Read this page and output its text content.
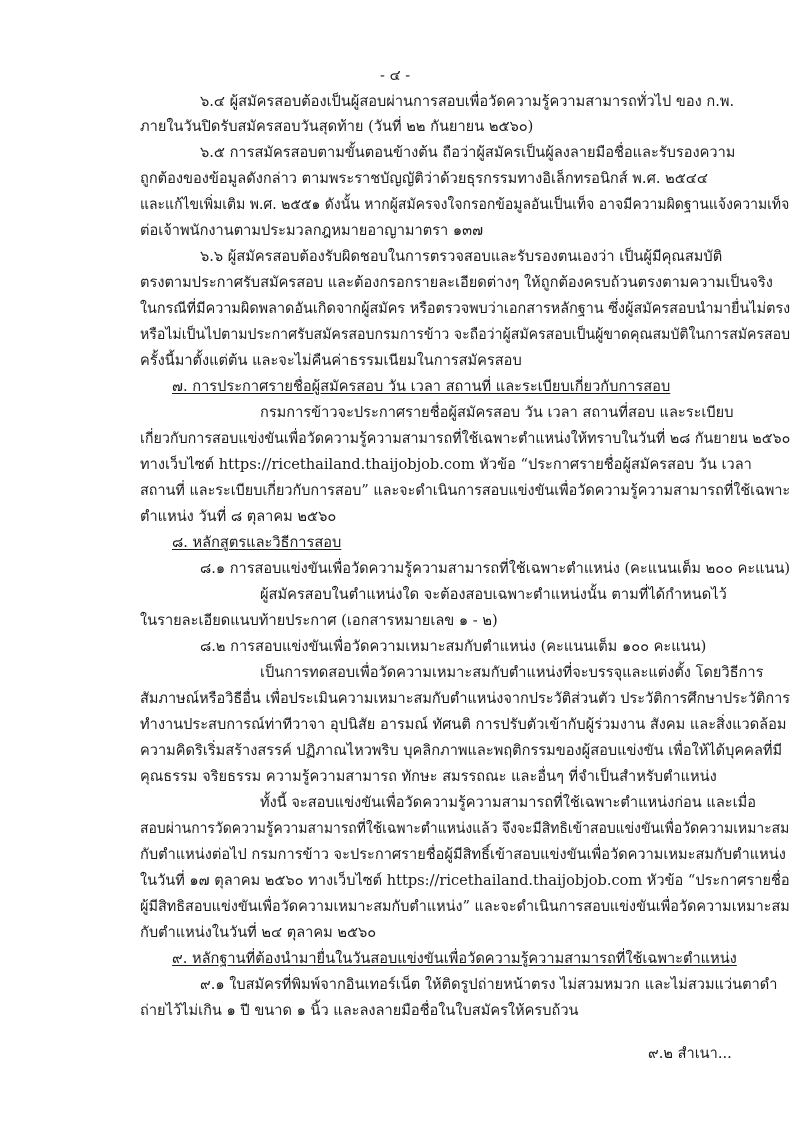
- ๔ -
๖.๔ ผู้สมัครสอบต้องเป็นผู้สอบผ่านการสอบเพื่อวัดความรู้ความสามารถทั่วไป ของ ก.พ.
ภายในวันปิดรับสมัครสอบวันสุดท้าย (วันที่ ๒๒ กันยายน ๒๕๖๐)
๖.๕ การสมัครสอบตามขั้นตอนข้างต้น ถือว่าผู้สมัครเป็นผู้ลงลายมือชื่อและรับรองความ
ถูกต้องของข้อมูลดังกล่าว ตามพระราชบัญญัติว่าด้วยธุรกรรมทางอิเล็กทรอนิกส์ พ.ศ. ๒๕๔๔
และแก้ไขเพิ่มเติม พ.ศ. ๒๕๕๑ ดังนั้น หากผู้สมัครจงใจกรอกข้อมูลอันเป็นเท็จ อาจมีความผิดฐานแจ้งความเท็จ
ต่อเจ้าพนักงานตามประมวลกฎหมายอาญามาตรา ๑๓๗
๖.๖ ผู้สมัครสอบต้องรับผิดชอบในการตรวจสอบและรับรองตนเองว่า เป็นผู้มีคุณสมบัติ
ตรงตามประกาศรับสมัครสอบ และต้องกรอกรายละเอียดต่างๆ ให้ถูกต้องครบถ้วนตรงตามความเป็นจริง
ในกรณีที่มีความผิดพลาดอันเกิดจากผู้สมัคร หรือตรวจพบว่าเอกสารหลักฐาน ซึ่งผู้สมัครสอบนำมายื่นไม่ตรง
หรือไม่เป็นไปตามประกาศรับสมัครสอบกรมการข้าว จะถือว่าผู้สมัครสอบเป็นผู้ขาดคุณสมบัติในการสมัครสอบ
ครั้งนี้มาตั้งแต่ต้น และจะไม่คืนค่าธรรมเนียมในการสมัครสอบ
๗. การประกาศรายชื่อผู้สมัครสอบ วัน เวลา สถานที่ และระเบียบเกี่ยวกับการสอบ
กรมการข้าวจะประกาศรายชื่อผู้สมัครสอบ วัน เวลา สถานที่สอบ และระเบียบ
เกี่ยวกับการสอบแข่งขันเพื่อวัดความรู้ความสามารถที่ใช้เฉพาะตำแหน่งให้ทราบในวันที่ ๒๘ กันยายน ๒๕๖๐
ทางเว็บไซต์ https://ricethailand.thaijobjob.com หัวข้อ “ประกาศรายชื่อผู้สมัครสอบ วัน เวลา
สถานที่ และระเบียบเกี่ยวกับการสอบ” และจะดำเนินการสอบแข่งขันเพื่อวัดความรู้ความสามารถที่ใช้เฉพาะ
ตำแหน่ง วันที่ ๘ ตุลาคม ๒๕๖๐
๘. หลักสูตรและวิธีการสอบ
๘.๑ การสอบแข่งขันเพื่อวัดความรู้ความสามารถที่ใช้เฉพาะตำแหน่ง (คะแนนเต็ม ๒๐๐ คะแนน)
ผู้สมัครสอบในตำแหน่งใด จะต้องสอบเฉพาะตำแหน่งนั้น ตามที่ได้กำหนดไว้
ในรายละเอียดแนบท้ายประกาศ (เอกสารหมายเลข ๑ - ๒)
๘.๒ การสอบแข่งขันเพื่อวัดความเหมาะสมกับตำแหน่ง (คะแนนเต็ม ๑๐๐ คะแนน)
เป็นการทดสอบเพื่อวัดความเหมาะสมกับตำแหน่งที่จะบรรจุและแต่งตั้ง โดยวิธีการ
สัมภาษณ์หรือวิธีอื่น เพื่อประเมินความเหมาะสมกับตำแหน่งจากประวัติส่วนตัว ประวัติการศึกษาประวัติการ
ทำงานประสบการณ์ท่าทีวาจา อุปนิสัย อารมณ์ ทัศนติ การปรับตัวเข้ากับผู้ร่วมงาน สังคม และสิ่งแวดล้อม
ความคิดริเริ่มสร้างสรรค์ ปฏิภาณไหวพริบ บุคลิกภาพและพฤติกรรมของผู้สอบแข่งขัน เพื่อให้ได้บุคคลที่มี
คุณธรรม จริยธรรม ความรู้ความสามารถ ทักษะ สมรรถณะ และอื่นๆ ที่จำเป็นสำหรับตำแหน่ง
ทั้งนี้ จะสอบแข่งขันเพื่อวัดความรู้ความสามารถที่ใช้เฉพาะตำแหน่งก่อน และเมื่อ
สอบผ่านการวัดความรู้ความสามารถที่ใช้เฉพาะตำแหน่งแล้ว จึงจะมีสิทธิเข้าสอบแข่งขันเพื่อวัดความเหมาะสม
กับตำแหน่งต่อไป กรมการข้าว จะประกาศรายชื่อผู้มีสิทธิ์เข้าสอบแข่งขันเพื่อวัดความเหมะสมกับตำแหน่ง
ในวันที่ ๑๗ ตุลาคม ๒๕๖๐ ทางเว็บไซต์ https://ricethailand.thaijobjob.com หัวข้อ “ประกาศรายชื่อ
ผู้มีสิทธิสอบแข่งขันเพื่อวัดความเหมาะสมกับตำแหน่ง” และจะดำเนินการสอบแข่งขันเพื่อวัดความเหมาะสม
กับตำแหน่งในวันที่ ๒๔ ตุลาคม ๒๕๖๐
๙. หลักฐานที่ต้องนำมายื่นในวันสอบแข่งขันเพื่อวัดความรู้ความสามารถที่ใช้เฉพาะตำแหน่ง
๙.๑ ใบสมัครที่พิมพ์จากอินเทอร์เน็ต ให้ติดรูปถ่ายหน้าตรง ไม่สวมหมวก และไม่สวมแว่นตาดำ
ถ่ายไว้ไม่เกิน ๑ ปี ขนาด ๑ นิ้ว และลงลายมือชื่อในใบสมัครให้ครบถ้วน
๙.๒ สำเนา...
